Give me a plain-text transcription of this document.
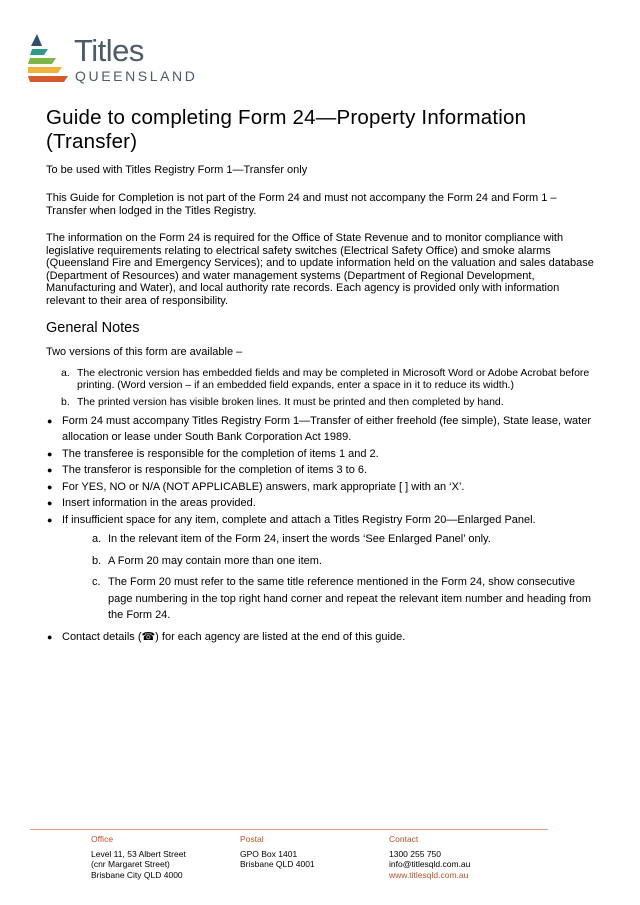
Titles
QUEENSLAND
Guide to completing Form 24—Property Information (Transfer)
To be used with Titles Registry Form 1—Transfer only

This Guide for Completion is not part of the Form 24 and must not accompany the Form 24 and Form 1 – Transfer when lodged in the Titles Registry.

The information on the Form 24 is required for the Office of State Revenue and to monitor compliance with legislative requirements relating to electrical safety switches (Electrical Safety Office) and smoke alarms (Queensland Fire and Emergency Services); and to update information held on the valuation and sales database (Department of Resources) and water management systems (Department of Regional Development, Manufacturing and Water), and local authority rate records. Each agency is provided only with information relevant to their area of responsibility.

General Notes

Two versions of this form are available –

a. The electronic version has embedded fields and may be completed in Microsoft Word or Adobe Acrobat before printing. (Word version – if an embedded field expands, enter a space in it to reduce its width.)
b. The printed version has visible broken lines. It must be printed and then completed by hand.
● Form 24 must accompany Titles Registry Form 1—Transfer of either freehold (fee simple), State lease, water allocation or lease under South Bank Corporation Act 1989.
● The transferee is responsible for the completion of items 1 and 2.
● The transferor is responsible for the completion of items 3 to 6.
● For YES, NO or N/A (NOT APPLICABLE) answers, mark appropriate [ ] with an ‘X’.
● Insert information in the areas provided.
● If insufficient space for any item, complete and attach a Titles Registry Form 20—Enlarged Panel.
a. In the relevant item of the Form 24, insert the words ‘See Enlarged Panel’ only.
b. A Form 20 may contain more than one item.
c. The Form 20 must refer to the same title reference mentioned in the Form 24, show consecutive page numbering in the top right hand corner and repeat the relevant item number and heading from the Form 24.
● Contact details (☎) for each agency are listed at the end of this guide.
Office
Level 11, 53 Albert Street
(cnr Margaret Street)
Brisbane City QLD 4000
Postal
GPO Box 1401
Brisbane QLD 4001
Contact
1300 255 750
info@titlesqld.com.au
www.titlesqld.com.au
